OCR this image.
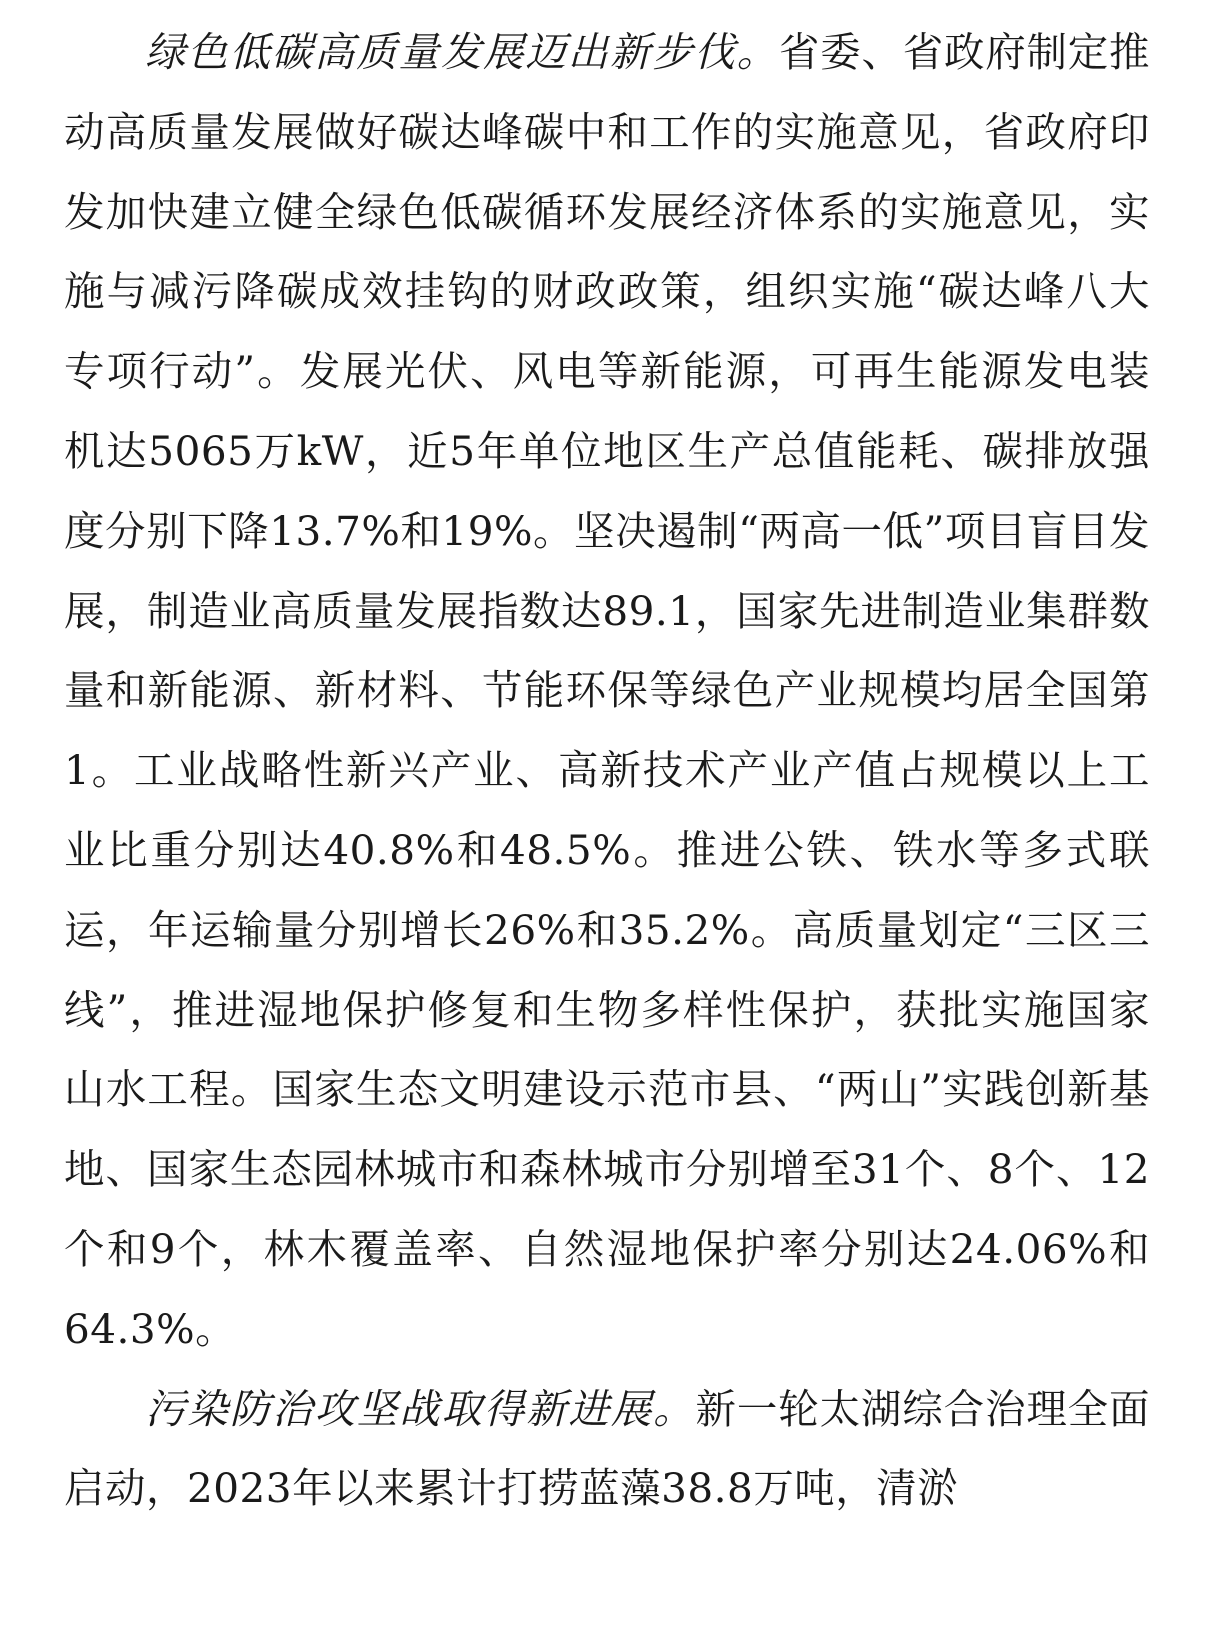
绿色低碳高质量发展迈出新步伐。省委、省政府制定推动高质量发展做好碳达峰碳中和工作的实施意见，省政府印发加快建立健全绿色低碳循环发展经济体系的实施意见，实施与减污降碳成效挂钩的财政政策，组织实施“碳达峰八大专项行动”。发展光伏、风电等新能源，可再生能源发电装机达5065万kW，近5年单位地区生产总值能耗、碳排放强度分别下降13.7%和19%。坚决遏制“两高一低”项目盲目发展，制造业高质量发展指数达89.1，国家先进制造业集群数量和新能源、新材料、节能环保等绿色产业规模均居全国第1。工业战略性新兴产业、高新技术产业产值占规模以上工业比重分别达40.8%和48.5%。推进公铁、铁水等多式联运，年运输量分别增长26%和35.2%。高质量划定“三区三线”，推进湿地保护修复和生物多样性保护，获批实施国家山水工程。国家生态文明建设示范市县、“两山”实践创新基地、国家生态园林城市和森林城市分别增至31个、8个、12个和9个，林木覆盖率、自然湿地保护率分别达24.06%和64.3%。

污染防治攻坚战取得新进展。新一轮太湖综合治理全面启动，2023年以来累计打捞蓝藻38.8万吨，清淤
